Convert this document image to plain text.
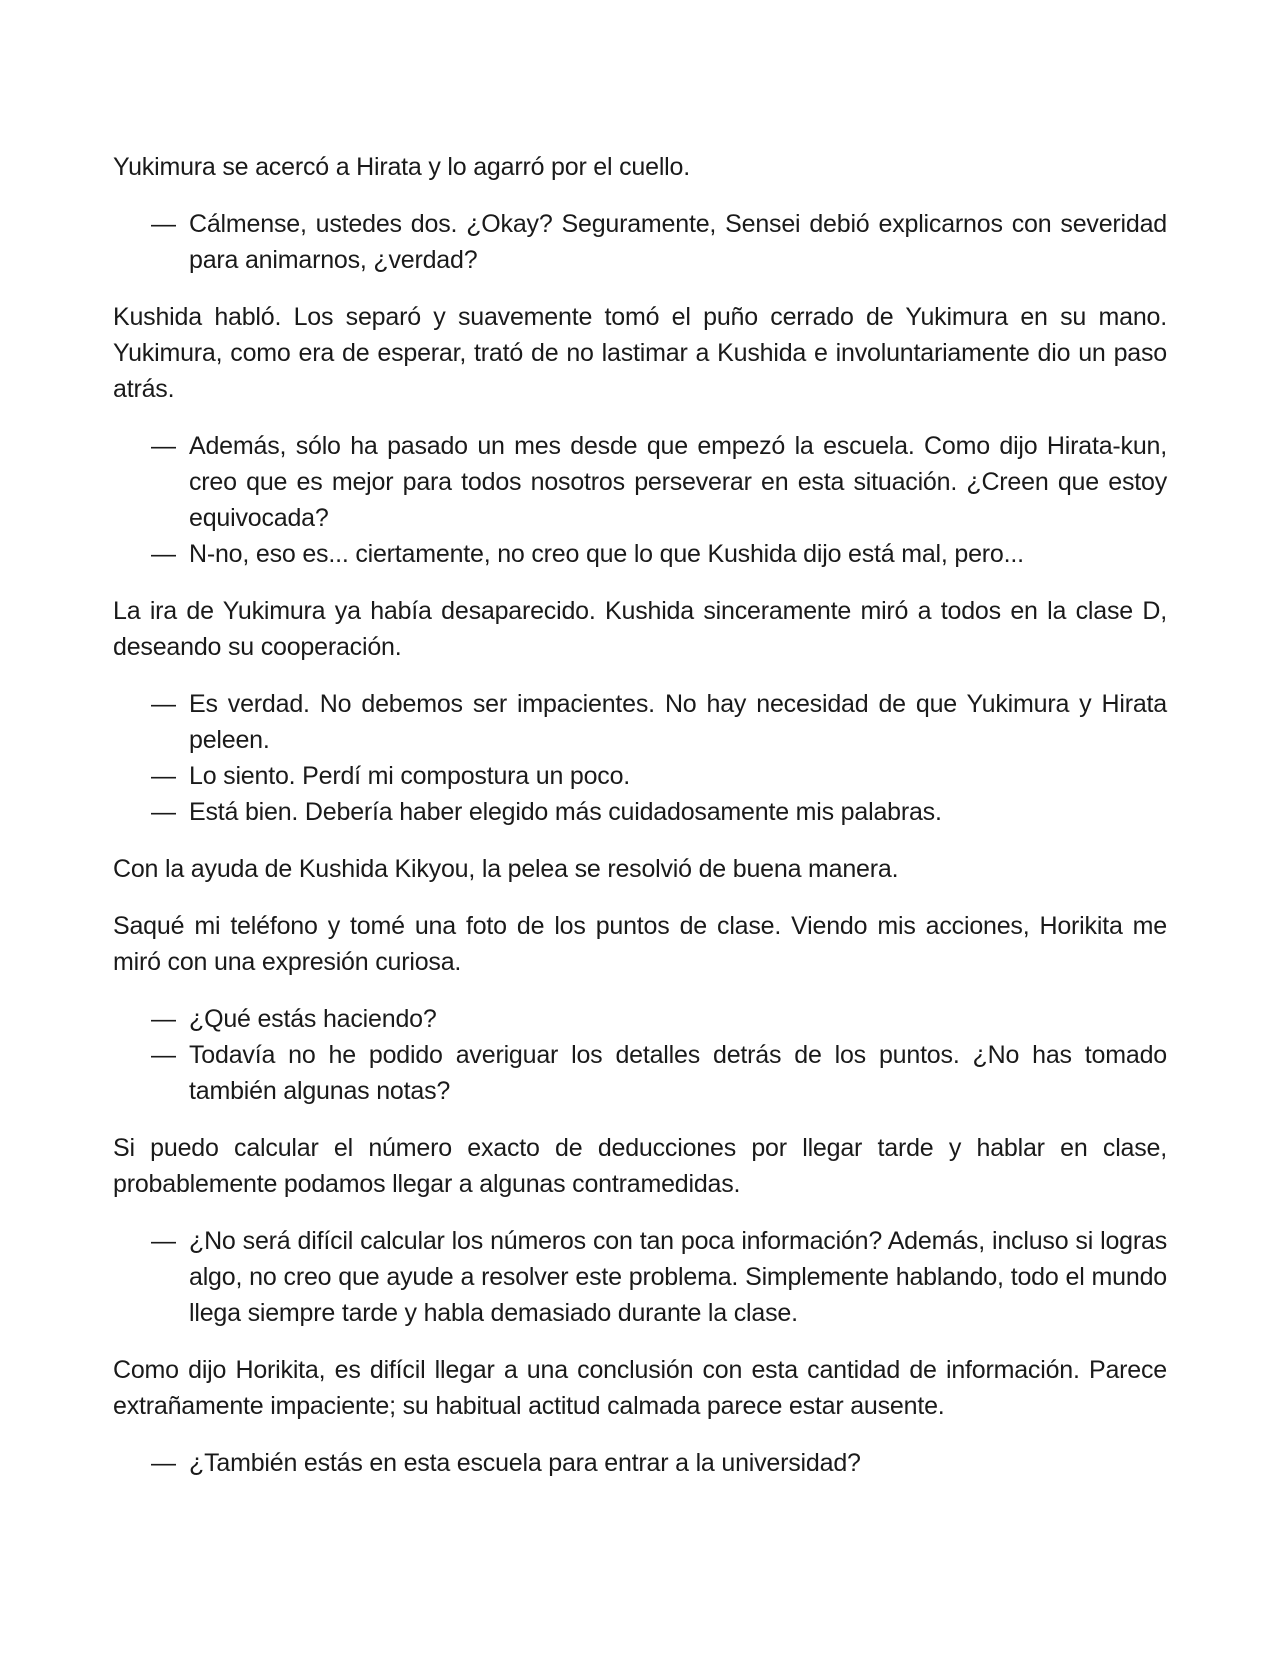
Yukimura se acercó a Hirata y lo agarró por el cuello.

— Cálmense, ustedes dos. ¿Okay? Seguramente, Sensei debió explicarnos con severidad para animarnos, ¿verdad?

Kushida habló. Los separó y suavemente tomó el puño cerrado de Yukimura en su mano. Yukimura, como era de esperar, trató de no lastimar a Kushida e involuntariamente dio un paso atrás.

— Además, sólo ha pasado un mes desde que empezó la escuela. Como dijo Hirata-kun, creo que es mejor para todos nosotros perseverar en esta situación. ¿Creen que estoy equivocada?

— N-no, eso es... ciertamente, no creo que lo que Kushida dijo está mal, pero...

La ira de Yukimura ya había desaparecido. Kushida sinceramente miró a todos en la clase D, deseando su cooperación.

— Es verdad. No debemos ser impacientes. No hay necesidad de que Yukimura y Hirata peleen.

— Lo siento. Perdí mi compostura un poco.

— Está bien. Debería haber elegido más cuidadosamente mis palabras.

Con la ayuda de Kushida Kikyou, la pelea se resolvió de buena manera.

Saqué mi teléfono y tomé una foto de los puntos de clase. Viendo mis acciones, Horikita me miró con una expresión curiosa.

— ¿Qué estás haciendo?

— Todavía no he podido averiguar los detalles detrás de los puntos. ¿No has tomado también algunas notas?

Si puedo calcular el número exacto de deducciones por llegar tarde y hablar en clase, probablemente podamos llegar a algunas contramedidas.

— ¿No será difícil calcular los números con tan poca información? Además, incluso si logras algo, no creo que ayude a resolver este problema. Simplemente hablando, todo el mundo llega siempre tarde y habla demasiado durante la clase.

Como dijo Horikita, es difícil llegar a una conclusión con esta cantidad de información. Parece extrañamente impaciente; su habitual actitud calmada parece estar ausente.

— ¿También estás en esta escuela para entrar a la universidad?
